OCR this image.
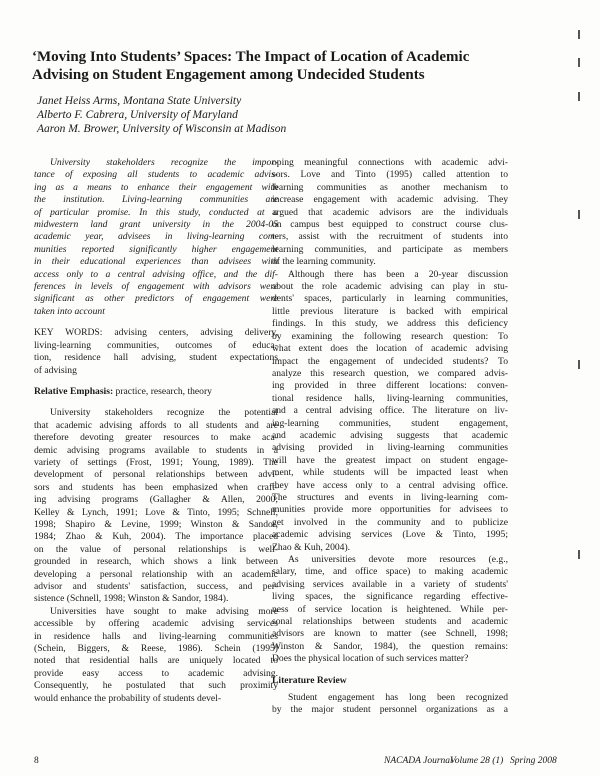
‘Moving Into Students’ Spaces: The Impact of Location of Academic
Advising on Student Engagement among Undecided Students
Janet Heiss Arms, Montana State University
Alberto F. Cabrera, University of Maryland
Aaron M. Brower, University of Wisconsin at Madison
University stakeholders recognize the impor-
tance of exposing all students to academic advis-
ing as a means to enhance their engagement with
the institution. Living-learning communities are
of particular promise. In this study, conducted at a
midwestern land grant university in the 2004-05
academic year, advisees in living-learning com-
munities reported significantly higher engagement
in their educational experiences than advisees with
access only to a central advising office, and the dif-
ferences in levels of engagement with advisors were
significant as other predictors of engagement were
taken into account
KEY WORDS: advising centers, advising delivery,
living-learning communities, outcomes of educa-
tion, residence hall advising, student expectations
of advising
Relative Emphasis: practice, research, theory
University stakeholders recognize the potential
that academic advising affords to all students and are
therefore devoting greater resources to make aca-
demic advising programs available to students in a
variety of settings (Frost, 1991; Young, 1989). The
development of personal relationships between advi-
sors and students has been emphasized when craft-
ing advising programs (Gallagher & Allen, 2000;
Kelley & Lynch, 1991; Love & Tinto, 1995; Schnell,
1998; Shapiro & Levine, 1999; Winston & Sandor,
1984; Zhao & Kuh, 2004). The importance placed
on the value of personal relationships is well-
grounded in research, which shows a link between
developing a personal relationship with an academic
advisor and students' satisfaction, success, and per-
sistence (Schnell, 1998; Winston & Sandor, 1984).
Universities have sought to make advising more
accessible by offering academic advising services
in residence halls and living-learning communities
(Schein, Biggers, & Reese, 1986). Schein (1995)
noted that residential halls are uniquely located to
provide easy access to academic advising.
Consequently, he postulated that such proximity
would enhance the probability of students devel-
oping meaningful connections with academic advi-
sors. Love and Tinto (1995) called attention to
learning communities as another mechanism to
increase engagement with academic advising. They
argued that academic advisors are the individuals
on campus best equipped to construct course clus-
ters, assist with the recruitment of students into
learning communities, and participate as members
of the learning community.
Although there has been a 20-year discussion
about the role academic advising can play in stu-
dents' spaces, particularly in learning communities,
little previous literature is backed with empirical
findings. In this study, we address this deficiency
by examining the following research question: To
what extent does the location of academic advising
impact the engagement of undecided students? To
analyze this research question, we compared advis-
ing provided in three different locations: conven-
tional residence halls, living-learning communities,
and a central advising office. The literature on liv-
ing-learning communities, student engagement,
and academic advising suggests that academic
advising provided in living-learning communities
will have the greatest impact on student engage-
ment, while students will be impacted least when
they have access only to a central advising office.
The structures and events in living-learning com-
munities provide more opportunities for advisees to
get involved in the community and to publicize
academic advising services (Love & Tinto, 1995;
Zhao & Kuh, 2004).
As universities devote more resources (e.g.,
salary, time, and office space) to making academic
advising services available in a variety of students'
living spaces, the significance regarding effective-
ness of service location is heightened. While per-
sonal relationships between students and academic
advisors are known to matter (see Schnell, 1998;
Winston & Sandor, 1984), the question remains:
Does the physical location of such services matter?
Literature Review
Student engagement has long been recognized
by the major student personnel organizations as a
8	NACADA Journal
Volume 28 (1) Spring 2008
